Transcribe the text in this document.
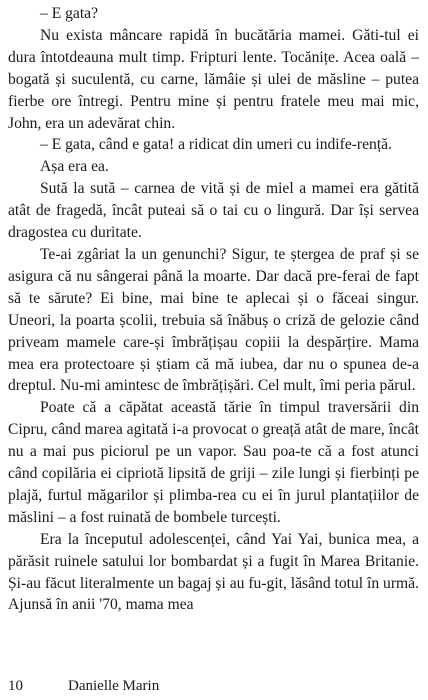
– E gata?

Nu exista mâncare rapidă în bucătăria mamei. Găti-tul ei dura întotdeauna mult timp. Fripturi lente. Tocănițe. Acea oală – bogată și suculentă, cu carne, lămâie și ulei de măsline – putea fierbe ore întregi. Pentru mine și pentru fratele meu mai mic, John, era un adevărat chin.

– E gata, când e gata! a ridicat din umeri cu indife-rență.

Așa era ea.

Sută la sută – carnea de vită și de miel a mamei era gătită atât de fragedă, încât puteai să o tai cu o lingură. Dar își servea dragostea cu duritate.

Te-ai zgâriat la un genunchi? Sigur, te ștergea de praf și se asigura că nu sângerai până la moarte. Dar dacă pre-ferai de fapt să te sărute? Ei bine, mai bine te aplecai și o făceai singur. Uneori, la poarta școlii, trebuia să înăbuș o criză de gelozie când priveam mamele care-și îmbrățișau copiii la despărțire. Mama mea era protectoare și știam că mă iubea, dar nu o spunea de-a dreptul. Nu-mi amintesc de îmbrățișări. Cel mult, îmi peria părul.

Poate că a căpătat această tărie în timpul traversării din Cipru, când marea agitată i-a provocat o greață atât de mare, încât nu a mai pus piciorul pe un vapor. Sau poa-te că a fost atunci când copilăria ei cipriotă lipsită de griji – zile lungi și fierbinți pe plajă, furtul măgarilor și plimba-rea cu ei în jurul plantațiilor de măslini – a fost ruinată de bombele turcești.

Era la începutul adolescenței, când Yai Yai, bunica mea, a părăsit ruinele satului lor bombardat și a fugit în Marea Britanie. Și-au făcut literalmente un bagaj și au fu-git, lăsând totul în urmă. Ajunsă în anii '70, mama mea

10	Danielle Marin
